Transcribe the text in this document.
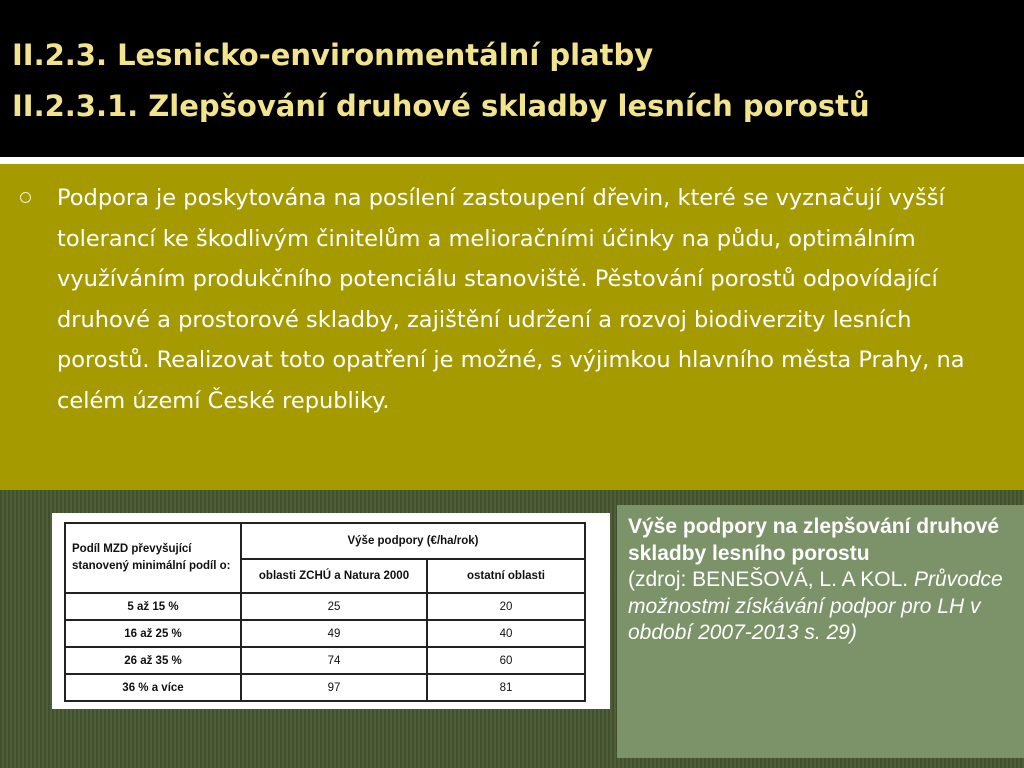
II.2.3. Lesnicko-environmentální platby
II.2.3.1. Zlepšování druhové skladby lesních porostů

Podpora je poskytována na posílení zastoupení dřevin, které se vyznačují vyšší tolerancí ke škodlivým činitelům a melioračními účinky na půdu, optimálním využíváním produkčního potenciálu stanoviště. Pěstování porostů odpovídající druhové a prostorové skladby, zajištění udržení a rozvoj biodiverzity lesních porostů. Realizovat toto opatření je možné, s výjimkou hlavního města Prahy, na celém území České republiky.

Podíl MZD převyšující stanovený minimální podíl o:	Výše podpory (€/ha/rok)	
	oblasti ZCHÚ a Natura 2000	ostatní oblasti
5 až 15 %	25	20
16 až 25 %	49	40
26 až 35 %	74	60
36 % a více	97	81
Výše podpory na zlepšování druhové skladby lesního porostu
(zdroj: BENEŠOVÁ, L. A KOL. Průvodce možnostmi získávání podpor pro LH v období 2007-2013 s. 29)
